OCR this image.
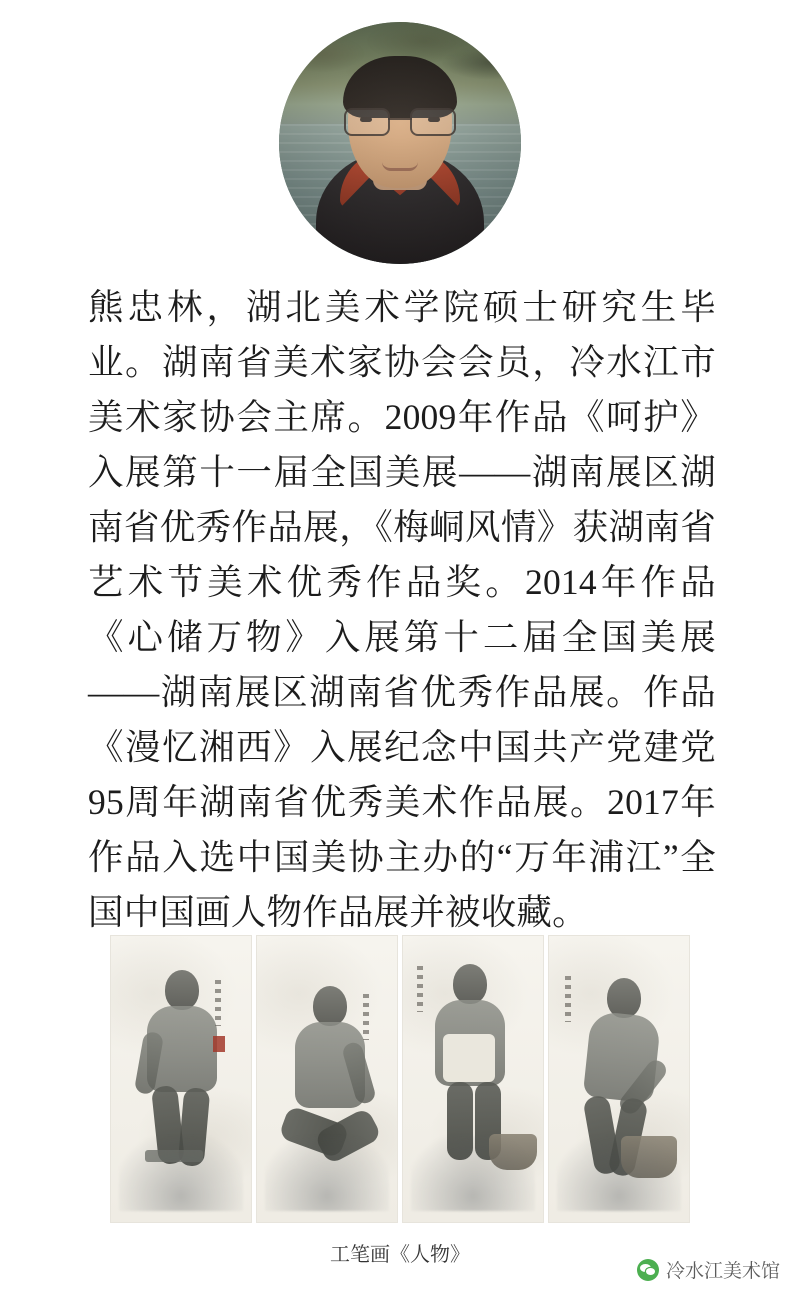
熊忠林，湖北美术学院硕士研究生毕业。湖南省美术家协会会员，冷水江市美术家协会主席。2009年作品《呵护》入展第十一届全国美展——湖南展区湖南省优秀作品展，《梅峒风情》获湖南省艺术节美术优秀作品奖。2014年作品《心储万物》入展第十二届全国美展——湖南展区湖南省优秀作品展。作品《漫忆湘西》入展纪念中国共产党建党95周年湖南省优秀美术作品展。2017年作品入选中国美协主办的“万年浦江”全国中国画人物作品展并被收藏。
工笔画《人物》
冷水江美术馆
